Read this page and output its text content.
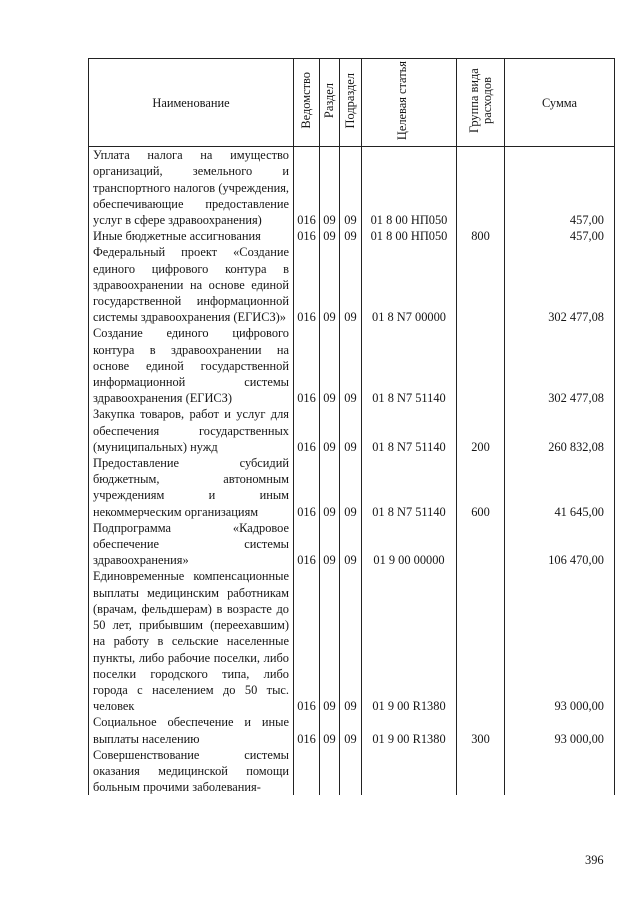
Наименование	Ведомство	Раздел	Подраздел	Целевая статья	Группа вида расходов	Сумма
Уплата налога на имущество организаций, земельного и транспортного налогов (учреждения, обеспечивающие предоставление услуг в сфере здравоохранения)	016	09	09	01 8 00 НП050		457,00
Иные бюджетные ассигнования	016	09	09	01 8 00 НП050	800	457,00
Федеральный проект «Создание единого цифрового контура в здравоохранении на основе единой государственной информационной системы здравоохранения (ЕГИСЗ)»	016	09	09	01 8 N7 00000		302 477,08
Создание единого цифрового контура в здравоохранении на основе единой государственной информационной системы здравоохранения (ЕГИСЗ)	016	09	09	01 8 N7 51140		302 477,08
Закупка товаров, работ и услуг для обеспечения государственных (муниципальных) нужд	016	09	09	01 8 N7 51140	200	260 832,08
Предоставление субсидий бюджетным, автономным учреждениям и иным некоммерческим организациям	016	09	09	01 8 N7 51140	600	41 645,00
Подпрограмма «Кадровое обеспечение системы здравоохранения»	016	09	09	01 9 00 00000		106 470,00
Единовременные компенсационные выплаты медицинским работникам (врачам, фельдшерам) в возрасте до 50 лет, прибывшим (переехавшим) на работу в сельские населенные пункты, либо рабочие поселки, либо поселки городского типа, либо города с населением до 50 тыс. человек	016	09	09	01 9 00 R1380		93 000,00
Социальное обеспечение и иные выплаты населению	016	09	09	01 9 00 R1380	300	93 000,00
Совершенствование системы оказания медицинской помощи больным прочими заболевания-						
396
